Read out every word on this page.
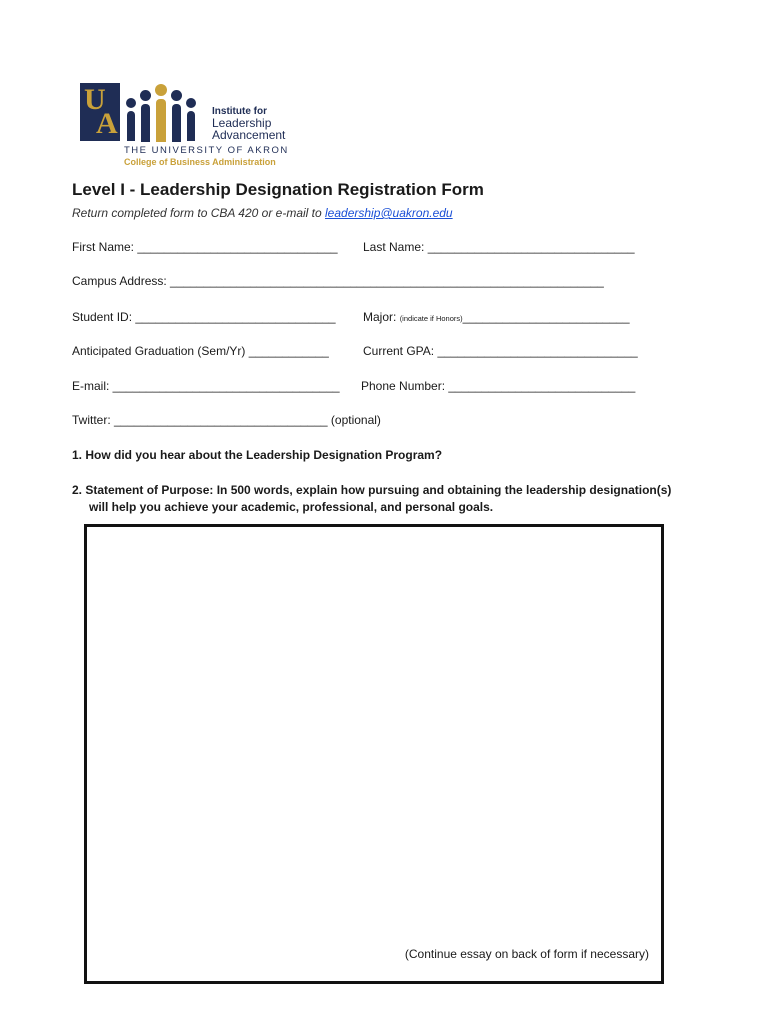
U
A	Institute for
Leadership
Advancement
THE UNIVERSITY OF AKRON
College of Business Administration
Level I - Leadership Designation Registration Form
Return completed form to CBA 420 or e-mail to leadership@uakron.edu
First Name: ______________________________ Last Name: _______________________________
Campus Address: _________________________________________________________________
Student ID: ______________________________ Major: (indicate if Honors)_________________________
Anticipated Graduation (Sem/Yr) ____________	Current GPA: ______________________________
E-mail: __________________________________ Phone Number: ____________________________
Twitter: ________________________________ (optional)
1. How did you hear about the Leadership Designation Program?
2. Statement of Purpose: In 500 words, explain how pursuing and obtaining the leadership designation(s)
will help you achieve your academic, professional, and personal goals.
(Continue essay on back of form if necessary)
